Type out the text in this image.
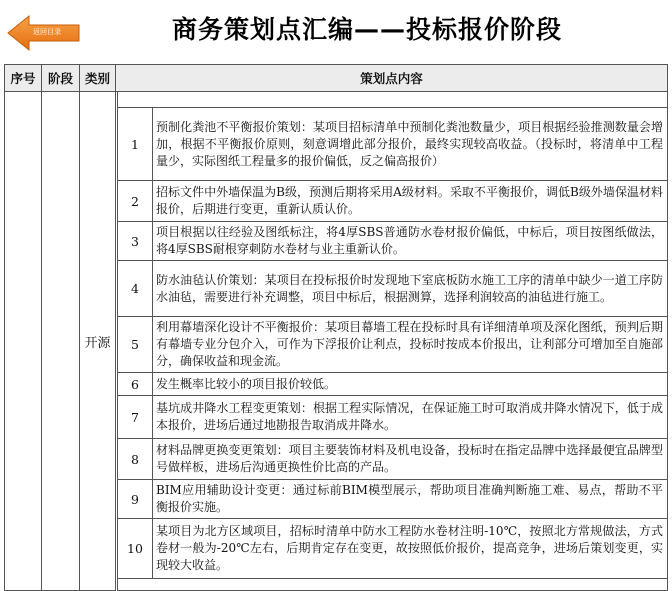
返回目录	商务策划点汇编——投标报价阶段
序号	阶段	类别	策划点内容		
		开源			
				1	预制化粪池不平衡报价策划：某项目招标清单中预制化粪池数量少，项目根据经验推测数量会增加，根据不平衡报价原则，刻意调增此部分报价，最终实现较高收益。（投标时，将清单中工程量少，实际图纸工程量多的报价偏低，反之偏高报价）
				2	招标文件中外墙保温为B级，预测后期将采用A级材料。采取不平衡报价，调低B级外墙保温材料报价，后期进行变更，重新认质认价。
				3	项目根据以往经验及图纸标注，将4厚SBS普通防水卷材报价偏低，中标后，项目按图纸做法，将4厚SBS耐根穿刺防水卷材与业主重新认价。
				4	防水油毡认价策划：某项目在投标报价时发现地下室底板防水施工工序的清单中缺少一道工序防水油毡，需要进行补充调整，项目中标后，根据测算，选择利润较高的油毡进行施工。
				5	利用幕墙深化设计不平衡报价：某项目幕墙工程在投标时具有详细清单项及深化图纸，预判后期有幕墙专业分包介入，可作为下浮报价让利点，投标时按成本价报出，让利部分可增加至自施部分，确保收益和现金流。
				6	发生概率比较小的项目报价较低。
				7	基坑成井降水工程变更策划：根据工程实际情况，在保证施工时可取消成井降水情况下，低于成本报价，进场后通过地勘报告取消成井降水。
				8	材料品牌更换变更策划：项目主要装饰材料及机电设备，投标时在指定品牌中选择最便宜品牌型号做样板，进场后沟通更换性价比高的产品。
				9	BIM应用辅助设计变更：通过标前BIM模型展示，帮助项目准确判断施工难、易点，帮助不平衡报价实施。
				10	某项目为北方区域项目，招标时清单中防水工程防水卷材注明-10℃，按照北方常规做法，方式卷材一般为-20℃左右，后期肯定存在变更，故按照低价报价，提高竞争，进场后策划变更，实现较大收益。
